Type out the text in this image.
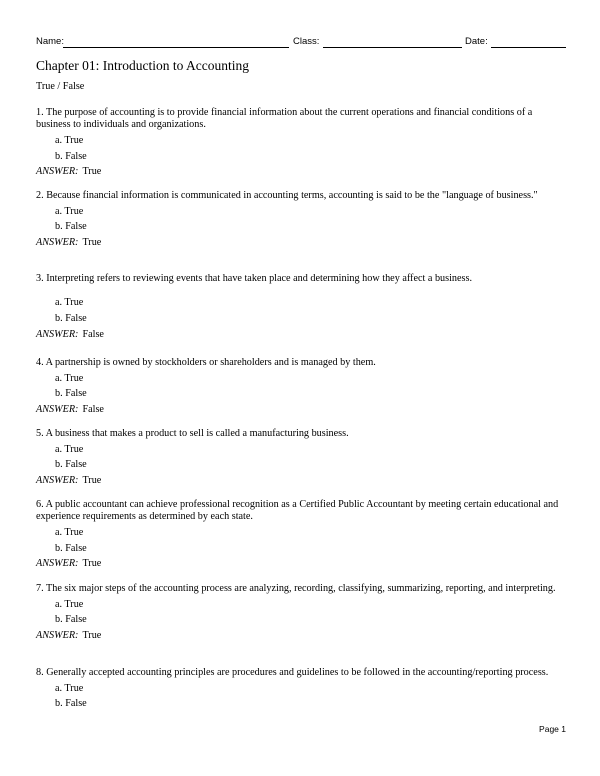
Name:	Class:	Date:
Chapter 01: Introduction to Accounting
True / False
1. The purpose of accounting is to provide financial information about the current operations and financial conditions of a business to individuals and organizations.
a. True
b. False
ANSWER: True
2. Because financial information is communicated in accounting terms, accounting is said to be the "language of business."
a. True
b. False
ANSWER: True
3. Interpreting refers to reviewing events that have taken place and determining how they affect a business.
a. True
b. False
ANSWER: False
4. A partnership is owned by stockholders or shareholders and is managed by them.
a. True
b. False
ANSWER: False
5. A business that makes a product to sell is called a manufacturing business.
a. True
b. False
ANSWER: True
6. A public accountant can achieve professional recognition as a Certified Public Accountant by meeting certain educational and experience requirements as determined by each state.
a. True
b. False
ANSWER: True
7. The six major steps of the accounting process are analyzing, recording, classifying, summarizing, reporting, and interpreting.
a. True
b. False
ANSWER: True
8. Generally accepted accounting principles are procedures and guidelines to be followed in the accounting/reporting process.
a. True
b. False
Page 1
